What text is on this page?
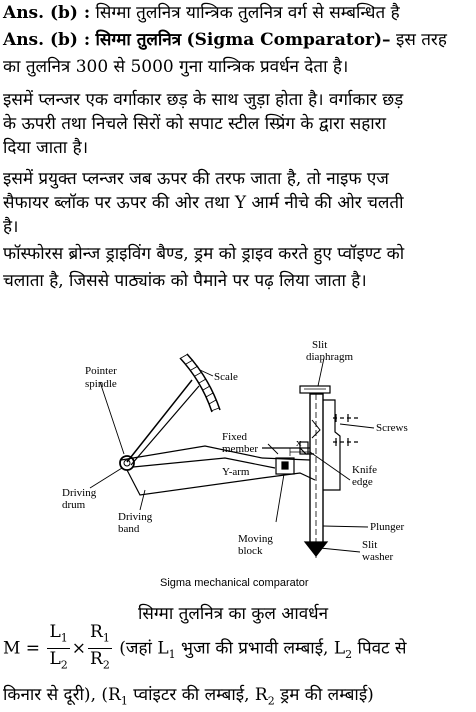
Ans. (b) : सिग्मा तुलनित्र यान्त्रिक तुलनित्र वर्ग से सम्बन्धित है
Ans. (b) : सिग्मा तुलनित्र (Sigma Comparator)– इस तरह
का तुलनित्र 300 से 5000 गुना यान्त्रिक प्रवर्धन देता है।
इसमें प्लन्जर एक वर्गाकार छड़ के साथ जुड़ा होता है। वर्गाकार छड़
के ऊपरी तथा निचले सिरों को सपाट स्टील स्प्रिंग के द्वारा सहारा
दिया जाता है।
इसमें प्रयुक्त प्लन्जर जब ऊपर की तरफ जाता है, तो नाइफ एज
सैफायर ब्लॉक पर ऊपर की ओर तथा Y आर्म नीचे की ओर चलती
है।
फॉस्फोरस ब्रोन्ज ड्राइविंग बैण्ड, ड्रम को ड्राइव करते हुए प्वॉइण्ट को
चलाता है, जिससे पाठ्यांक को पैमाने पर पढ़ लिया जाता है।
Pointer
spindle
Scale
Slit
diaphragm
Screws
Fixed
member	x
Knife
edge
Y-arm
Driving
drum
Driving
band
Moving
block
Plunger
Slit
washer
Sigma mechanical comparator
सिग्मा तुलनित्र का कुल आवर्धन
$M = \frac{L_1}{L_2} \times \frac{R_1}{R_2}$ (जहां $L_1$ भुजा की प्रभावी लम्बाई, $L_2$ पिवट से
किनार से दूरी), ($R_1$ प्वांइटर की लम्बाई, $R_2$ ड्रम की लम्बाई)
